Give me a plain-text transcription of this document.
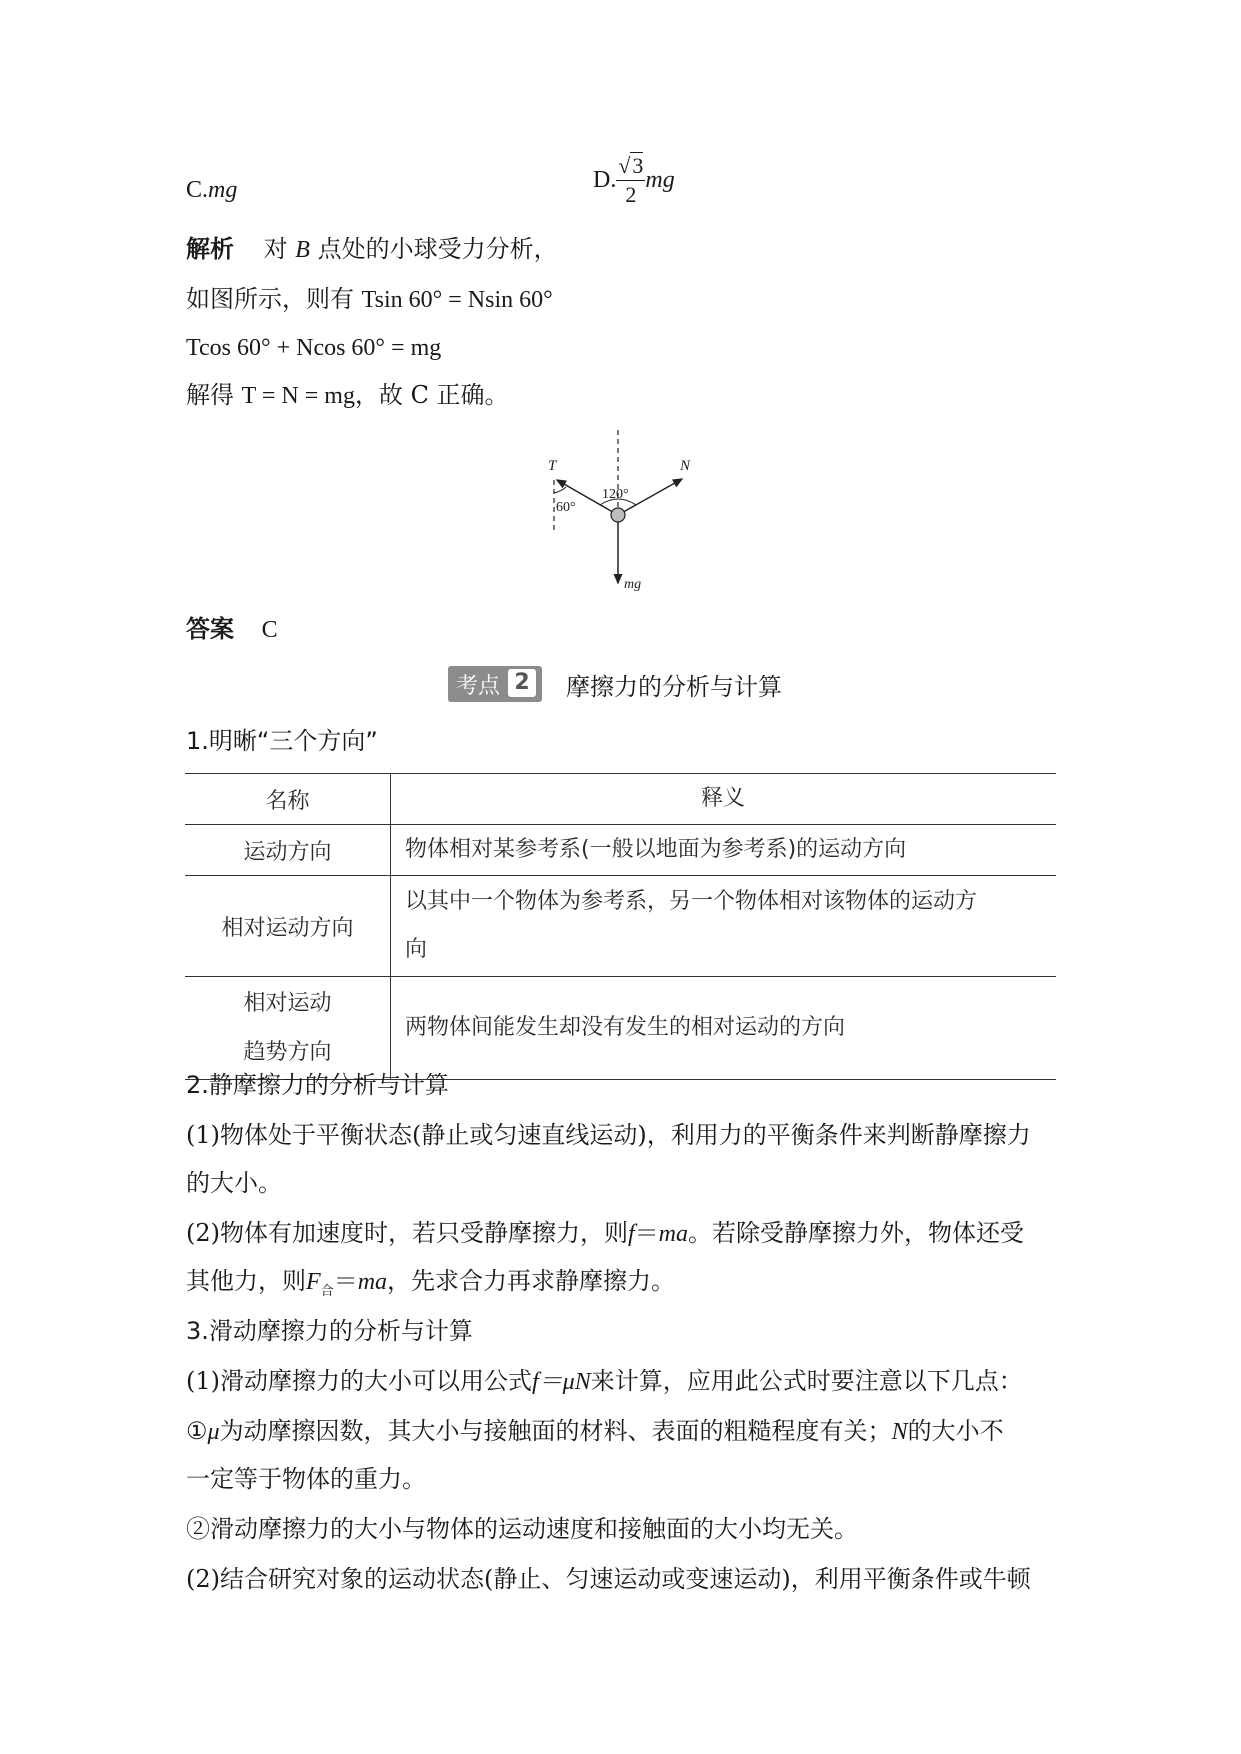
C.mg	D. $\frac{√3}{2}$ mg
解析 对 B 点处的小球受力分析，
如图所示，则有 Tsin 60° = Nsin 60°
Tcos 60° + Ncos 60° = mg
解得 T = N = mg，故 C 正确。
T	N
mg
60°
120°
答案 C
考点 2 摩擦力的分析与计算
1.明晰“三个方向”
名称	释义
运动方向	物体相对某参考系(一般以地面为参考系)的运动方向
相对运动方向	以其中一个物体为参考系，另一个物体相对该物体的运动方
向

相对运动
趋势方向	两物体间能发生却没有发生的相对运动的方向
2.静摩擦力的分析与计算
(1)物体处于平衡状态(静止或匀速直线运动)，利用力的平衡条件来判断静摩擦力
的大小。
(2)物体有加速度时，若只受静摩擦力，则f＝ma。若除受静摩擦力外，物体还受
其他力，则$F_合=ma$，先求合力再求静摩擦力。
3.滑动摩擦力的分析与计算
(1)滑动摩擦力的大小可以用公式f＝μN来计算，应用此公式时要注意以下几点：
①μ为动摩擦因数，其大小与接触面的材料、表面的粗糙程度有关；N的大小不
一定等于物体的重力。
②滑动摩擦力的大小与物体的运动速度和接触面的大小均无关。
(2)结合研究对象的运动状态(静止、匀速运动或变速运动)，利用平衡条件或牛顿
